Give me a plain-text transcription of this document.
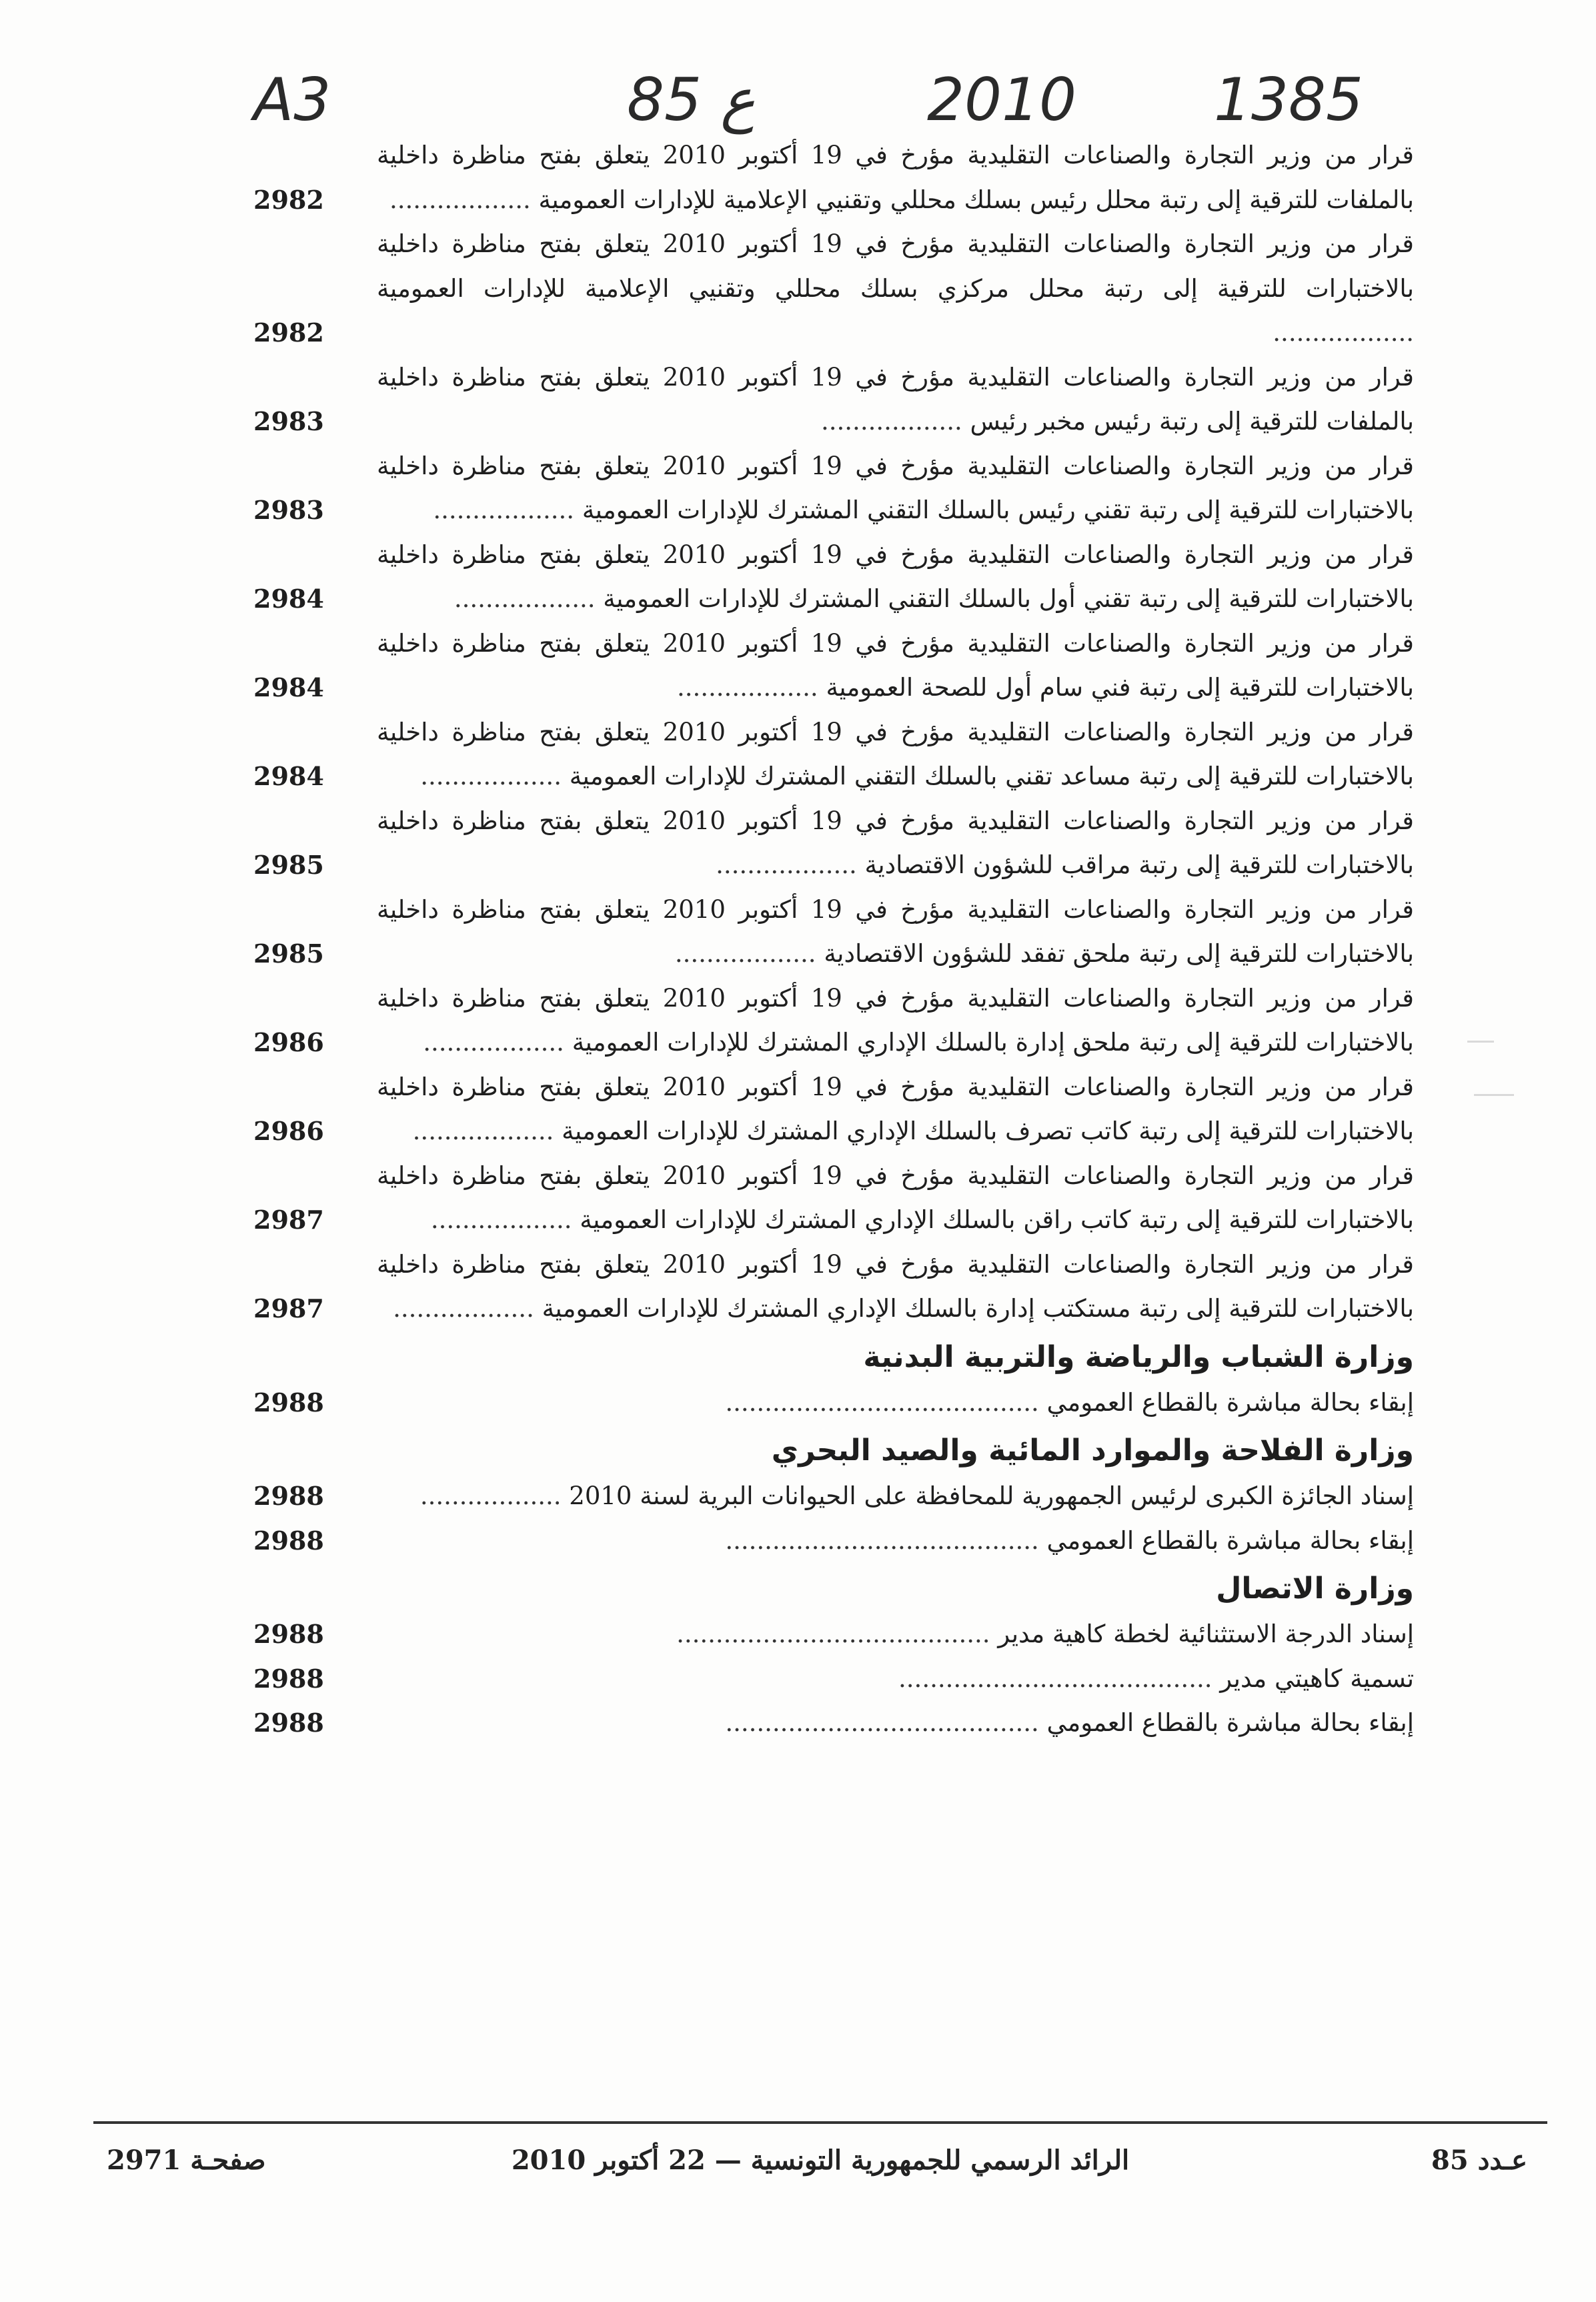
A3	85 ع	2010 1385
قرار من وزير التجارة والصناعات التقليدية مؤرخ في 19 أكتوبر 2010 يتعلق بفتح مناظرة داخلية بالملفات للترقية إلى رتبة محلل رئيس بسلك محللي وتقنيي الإعلامية للإدارات العمومية ..................
2982
قرار من وزير التجارة والصناعات التقليدية مؤرخ في 19 أكتوبر 2010 يتعلق بفتح مناظرة داخلية بالاختبارات للترقية إلى رتبة محلل مركزي بسلك محللي وتقنيي الإعلامية للإدارات العمومية ..................
2982
قرار من وزير التجارة والصناعات التقليدية مؤرخ في 19 أكتوبر 2010 يتعلق بفتح مناظرة داخلية بالملفات للترقية إلى رتبة رئيس مخبر رئيس ..................
2983
قرار من وزير التجارة والصناعات التقليدية مؤرخ في 19 أكتوبر 2010 يتعلق بفتح مناظرة داخلية بالاختبارات للترقية إلى رتبة تقني رئيس بالسلك التقني المشترك للإدارات العمومية ..................
2983
قرار من وزير التجارة والصناعات التقليدية مؤرخ في 19 أكتوبر 2010 يتعلق بفتح مناظرة داخلية بالاختبارات للترقية إلى رتبة تقني أول بالسلك التقني المشترك للإدارات العمومية ..................
2984
قرار من وزير التجارة والصناعات التقليدية مؤرخ في 19 أكتوبر 2010 يتعلق بفتح مناظرة داخلية بالاختبارات للترقية إلى رتبة فني سام أول للصحة العمومية ..................
2984
قرار من وزير التجارة والصناعات التقليدية مؤرخ في 19 أكتوبر 2010 يتعلق بفتح مناظرة داخلية بالاختبارات للترقية إلى رتبة مساعد تقني بالسلك التقني المشترك للإدارات العمومية ..................
2984
قرار من وزير التجارة والصناعات التقليدية مؤرخ في 19 أكتوبر 2010 يتعلق بفتح مناظرة داخلية بالاختبارات للترقية إلى رتبة مراقب للشؤون الاقتصادية ..................
2985
قرار من وزير التجارة والصناعات التقليدية مؤرخ في 19 أكتوبر 2010 يتعلق بفتح مناظرة داخلية بالاختبارات للترقية إلى رتبة ملحق تفقد للشؤون الاقتصادية ..................
2985
قرار من وزير التجارة والصناعات التقليدية مؤرخ في 19 أكتوبر 2010 يتعلق بفتح مناظرة داخلية بالاختبارات للترقية إلى رتبة ملحق إدارة بالسلك الإداري المشترك للإدارات العمومية ..................
2986
قرار من وزير التجارة والصناعات التقليدية مؤرخ في 19 أكتوبر 2010 يتعلق بفتح مناظرة داخلية بالاختبارات للترقية إلى رتبة كاتب تصرف بالسلك الإداري المشترك للإدارات العمومية ..................
2986
قرار من وزير التجارة والصناعات التقليدية مؤرخ في 19 أكتوبر 2010 يتعلق بفتح مناظرة داخلية بالاختبارات للترقية إلى رتبة كاتب راقن بالسلك الإداري المشترك للإدارات العمومية ..................
2987
قرار من وزير التجارة والصناعات التقليدية مؤرخ في 19 أكتوبر 2010 يتعلق بفتح مناظرة داخلية بالاختبارات للترقية إلى رتبة مستكتب إدارة بالسلك الإداري المشترك للإدارات العمومية ..................
2987
وزارة الشباب والرياضة والتربية البدنية
إبقاء بحالة مباشرة بالقطاع العمومي ........................................
2988
وزارة الفلاحة والموارد المائية والصيد البحري
إسناد الجائزة الكبرى لرئيس الجمهورية للمحافظة على الحيوانات البرية لسنة 2010 ..................
2988
إبقاء بحالة مباشرة بالقطاع العمومي ........................................
2988
وزارة الاتصال
إسناد الدرجة الاستثنائية لخطة كاهية مدير ........................................
2988
تسمية كاهيتي مدير ........................................
2988
إبقاء بحالة مباشرة بالقطاع العمومي ........................................
2988
عـدد 85
الرائد الرسمي للجمهورية التونسية — 22 أكتوبر 2010
صفحـة 2971
